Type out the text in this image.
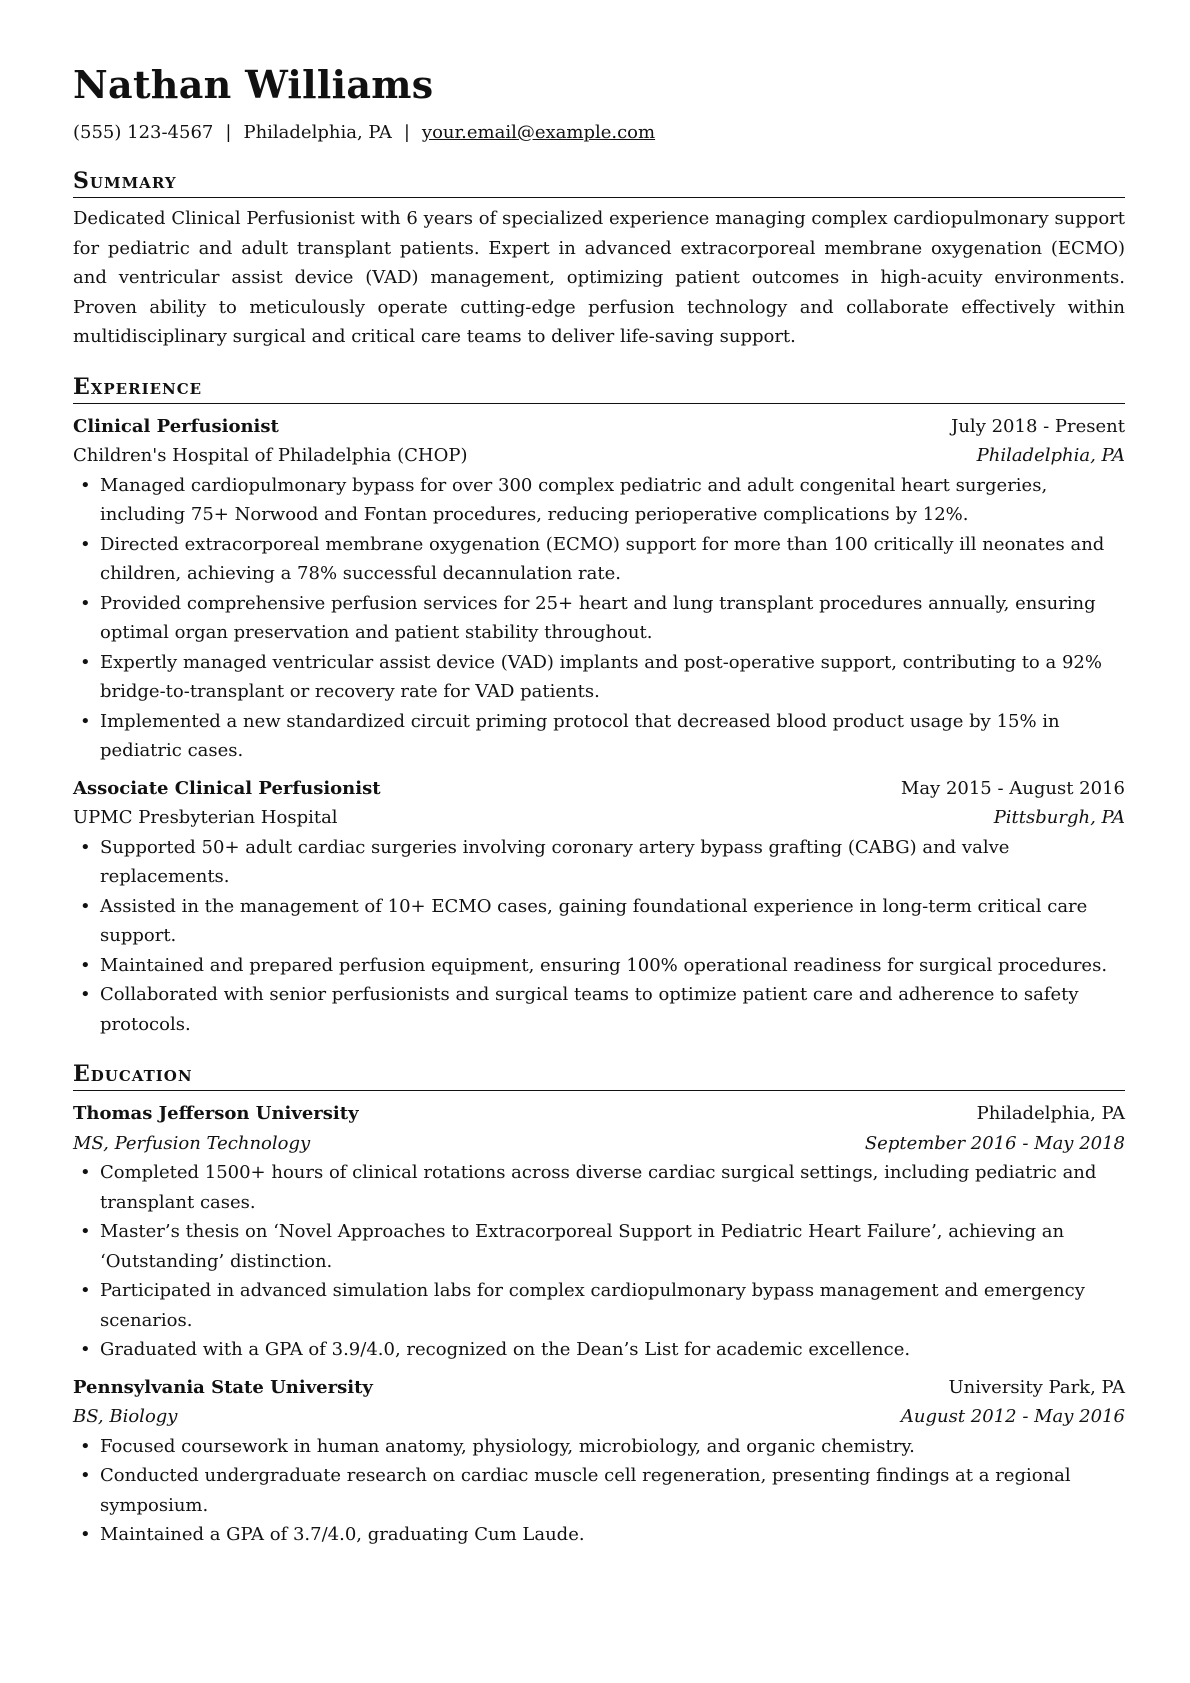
Nathan Williams
(555) 123-4567 | Philadelphia, PA | your.email@example.com
Summary
Dedicated Clinical Perfusionist with 6 years of specialized experience managing complex cardiopulmonary support for pediatric and adult transplant patients. Expert in advanced extracorporeal membrane oxygenation (ECMO) and ventricular assist device (VAD) management, optimizing patient outcomes in high-acuity environments. Proven ability to meticulously operate cutting-edge perfusion technology and collaborate effectively within multidisciplinary surgical and critical care teams to deliver life-saving support.
Experience
Clinical Perfusionist	July 2018 - Present
Children's Hospital of Philadelphia (CHOP)	Philadelphia, PA
• Managed cardiopulmonary bypass for over 300 complex pediatric and adult congenital heart surgeries, including 75+ Norwood and Fontan procedures, reducing perioperative complications by 12%.
• Directed extracorporeal membrane oxygenation (ECMO) support for more than 100 critically ill neonates and children, achieving a 78% successful decannulation rate.
• Provided comprehensive perfusion services for 25+ heart and lung transplant procedures annually, ensuring optimal organ preservation and patient stability throughout.
• Expertly managed ventricular assist device (VAD) implants and post-operative support, contributing to a 92% bridge-to-transplant or recovery rate for VAD patients.
• Implemented a new standardized circuit priming protocol that decreased blood product usage by 15% in pediatric cases.
Associate Clinical Perfusionist	May 2015 - August 2016
UPMC Presbyterian Hospital	Pittsburgh, PA
• Supported 50+ adult cardiac surgeries involving coronary artery bypass grafting (CABG) and valve replacements.
• Assisted in the management of 10+ ECMO cases, gaining foundational experience in long-term critical care support.
• Maintained and prepared perfusion equipment, ensuring 100% operational readiness for surgical procedures.
• Collaborated with senior perfusionists and surgical teams to optimize patient care and adherence to safety protocols.
Education
Thomas Jefferson University	Philadelphia, PA
MS, Perfusion Technology	September 2016 - May 2018
• Completed 1500+ hours of clinical rotations across diverse cardiac surgical settings, including pediatric and transplant cases.
• Master’s thesis on ‘Novel Approaches to Extracorporeal Support in Pediatric Heart Failure’, achieving an ‘Outstanding’ distinction.
• Participated in advanced simulation labs for complex cardiopulmonary bypass management and emergency scenarios.
• Graduated with a GPA of 3.9/4.0, recognized on the Dean’s List for academic excellence.
Pennsylvania State University	University Park, PA
BS, Biology	August 2012 - May 2016
• Focused coursework in human anatomy, physiology, microbiology, and organic chemistry.
• Conducted undergraduate research on cardiac muscle cell regeneration, presenting findings at a regional symposium.
• Maintained a GPA of 3.7/4.0, graduating Cum Laude.
